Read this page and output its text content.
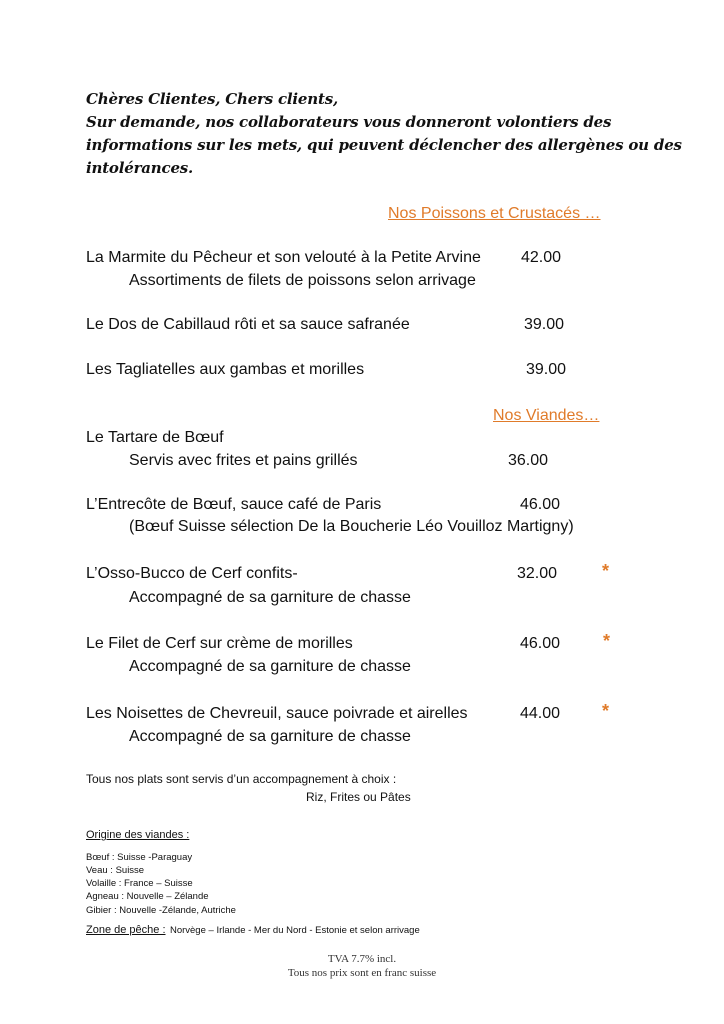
Chères Clientes, Chers clients,
Sur demande, nos collaborateurs vous donneront volontiers des
informations sur les mets, qui peuvent déclencher des allergènes ou des
intolérances.
Nos Poissons et Crustacés …
La Marmite du Pêcheur et son velouté à la Petite Arvine	42.00
Assortiments de filets de poissons selon arrivage
Le Dos de Cabillaud rôti et sa sauce safranée	39.00
Les Tagliatelles aux gambas et morilles	39.00
Nos Viandes…
Le Tartare de Bœuf
Servis avec frites et pains grillés	36.00
L’Entrecôte de Bœuf, sauce café de Paris	46.00
(Bœuf Suisse sélection De la Boucherie Léo Vouilloz Martigny)
L’Osso-Bucco de Cerf confits-	32.00 *
Accompagné de sa garniture de chasse
Le Filet de Cerf sur crème de morilles	46.00 *
Accompagné de sa garniture de chasse
Les Noisettes de Chevreuil, sauce poivrade et airelles	44.00 *
Accompagné de sa garniture de chasse
Tous nos plats sont servis d’un accompagnement à choix :
Riz, Frites ou Pâtes
Origine des viandes :
Bœuf : Suisse -Paraguay
Veau : Suisse
Volaille : France – Suisse
Agneau : Nouvelle – Zélande
Gibier : Nouvelle -Zélande, Autriche
Zone de pêche : Norvège – Irlande - Mer du Nord - Estonie et selon arrivage
TVA 7.7% incl.
Tous nos prix sont en franc suisse
